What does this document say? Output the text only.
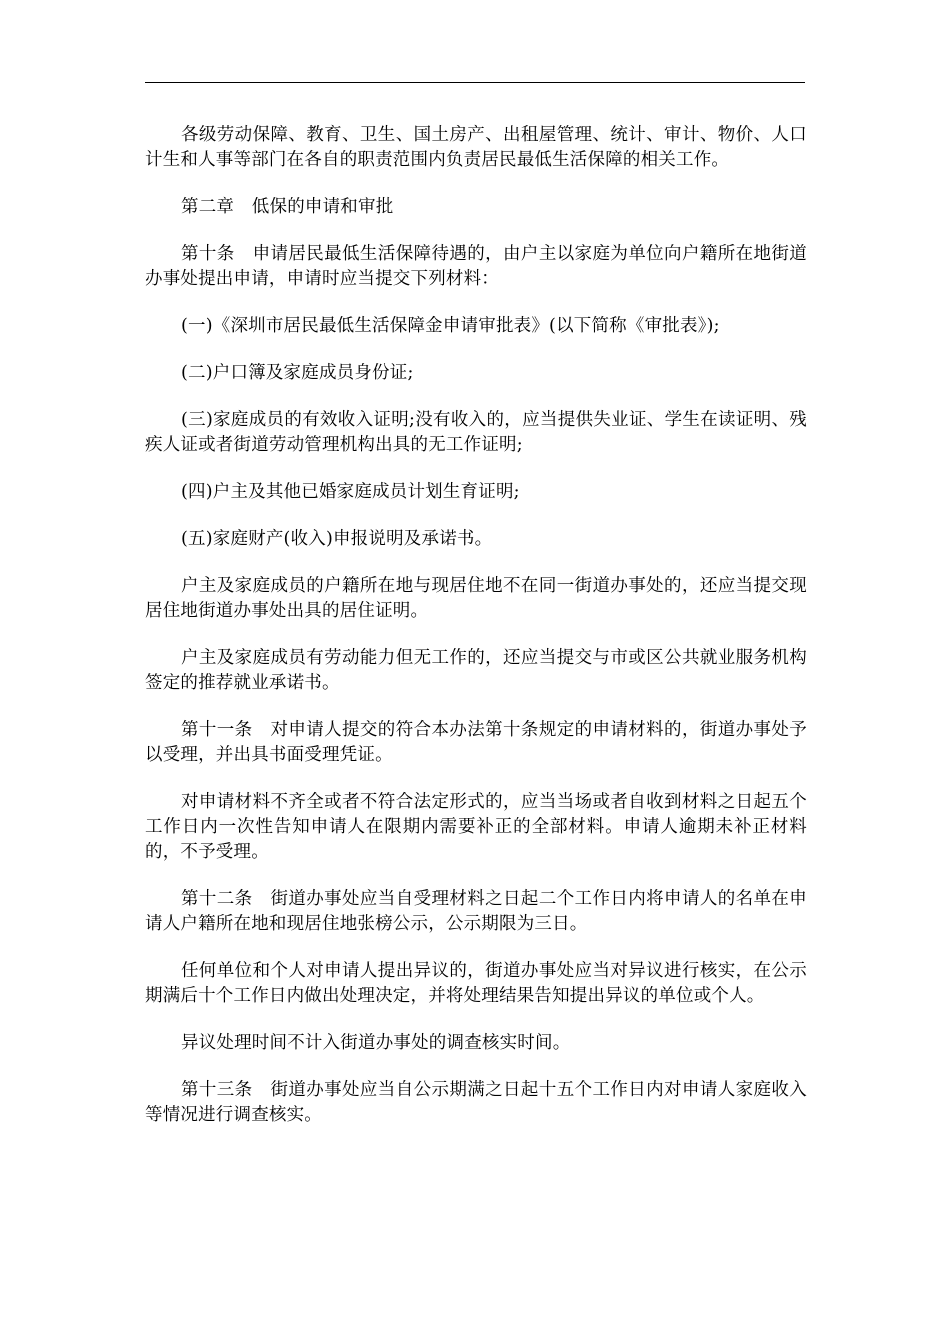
各级劳动保障、教育、卫生、国土房产、出租屋管理、统计、审计、物价、人口计生和人事等部门在各自的职责范围内负责居民最低生活保障的相关工作。

第二章　低保的申请和审批

第十条　申请居民最低生活保障待遇的，由户主以家庭为单位向户籍所在地街道办事处提出申请，申请时应当提交下列材料：

(一)《深圳市居民最低生活保障金申请审批表》(以下简称《审批表》);

(二)户口簿及家庭成员身份证;

(三)家庭成员的有效收入证明;没有收入的，应当提供失业证、学生在读证明、残疾人证或者街道劳动管理机构出具的无工作证明;

(四)户主及其他已婚家庭成员计划生育证明;

(五)家庭财产(收入)申报说明及承诺书。

户主及家庭成员的户籍所在地与现居住地不在同一街道办事处的，还应当提交现居住地街道办事处出具的居住证明。

户主及家庭成员有劳动能力但无工作的，还应当提交与市或区公共就业服务机构签定的推荐就业承诺书。

第十一条　对申请人提交的符合本办法第十条规定的申请材料的，街道办事处予以受理，并出具书面受理凭证。

对申请材料不齐全或者不符合法定形式的，应当当场或者自收到材料之日起五个工作日内一次性告知申请人在限期内需要补正的全部材料。申请人逾期未补正材料的，不予受理。

第十二条　街道办事处应当自受理材料之日起二个工作日内将申请人的名单在申请人户籍所在地和现居住地张榜公示，公示期限为三日。

任何单位和个人对申请人提出异议的，街道办事处应当对异议进行核实，在公示期满后十个工作日内做出处理决定，并将处理结果告知提出异议的单位或个人。

异议处理时间不计入街道办事处的调查核实时间。

第十三条　街道办事处应当自公示期满之日起十五个工作日内对申请人家庭收入等情况进行调查核实。
